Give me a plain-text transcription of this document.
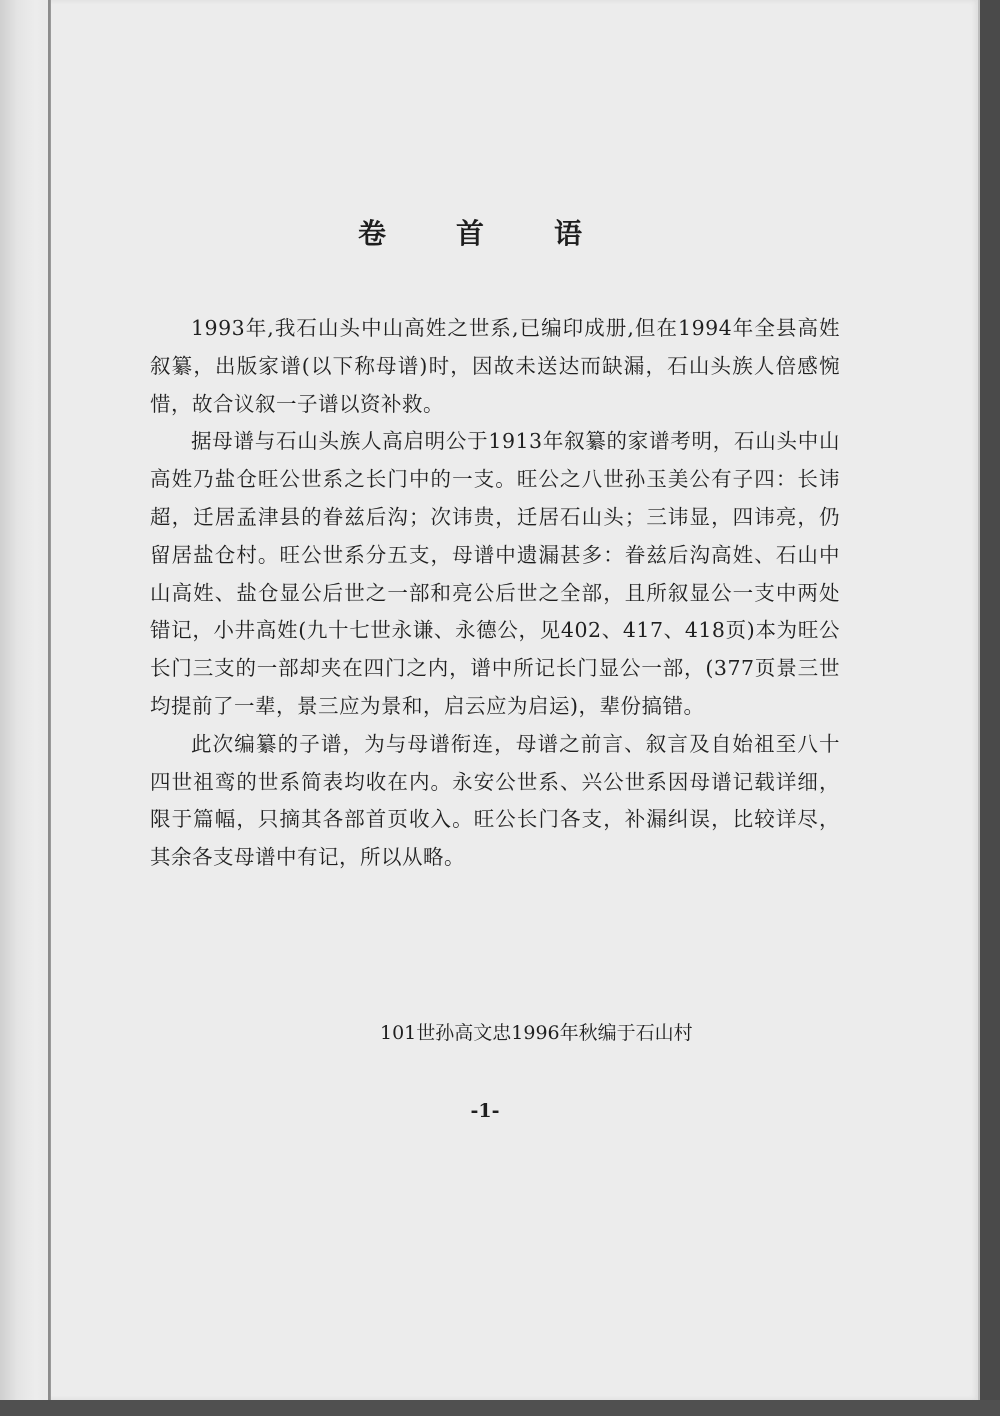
卷 首 语

1993年,我石山头中山高姓之世系,已编印成册,但在1994年全县高姓叙纂，出版家谱(以下称母谱)时，因故未送达而缺漏，石山头族人倍感惋惜，故合议叙一子谱以资补救。

据母谱与石山头族人高启明公于1913年叙纂的家谱考明，石山头中山高姓乃盐仓旺公世系之长门中的一支。旺公之八世孙玉美公有子四：长讳超，迁居孟津县的眷兹后沟；次讳贵，迁居石山头；三讳显，四讳亮，仍留居盐仓村。旺公世系分五支，母谱中遗漏甚多：眷兹后沟高姓、石山中山高姓、盐仓显公后世之一部和亮公后世之全部，且所叙显公一支中两处错记，小井高姓(九十七世永谦、永德公，见402、417、418页)本为旺公长门三支的一部却夹在四门之内，谱中所记长门显公一部，(377页景三世均提前了一辈，景三应为景和，启云应为启运)，辈份搞错。

此次编纂的子谱，为与母谱衔连，母谱之前言、叙言及自始祖至八十四世祖鸾的世系简表均收在内。永安公世系、兴公世系因母谱记载详细，限于篇幅，只摘其各部首页收入。旺公长门各支，补漏纠误，比较详尽，其余各支母谱中有记，所以从略。

101世孙高文忠1996年秋编于石山村
-1-
